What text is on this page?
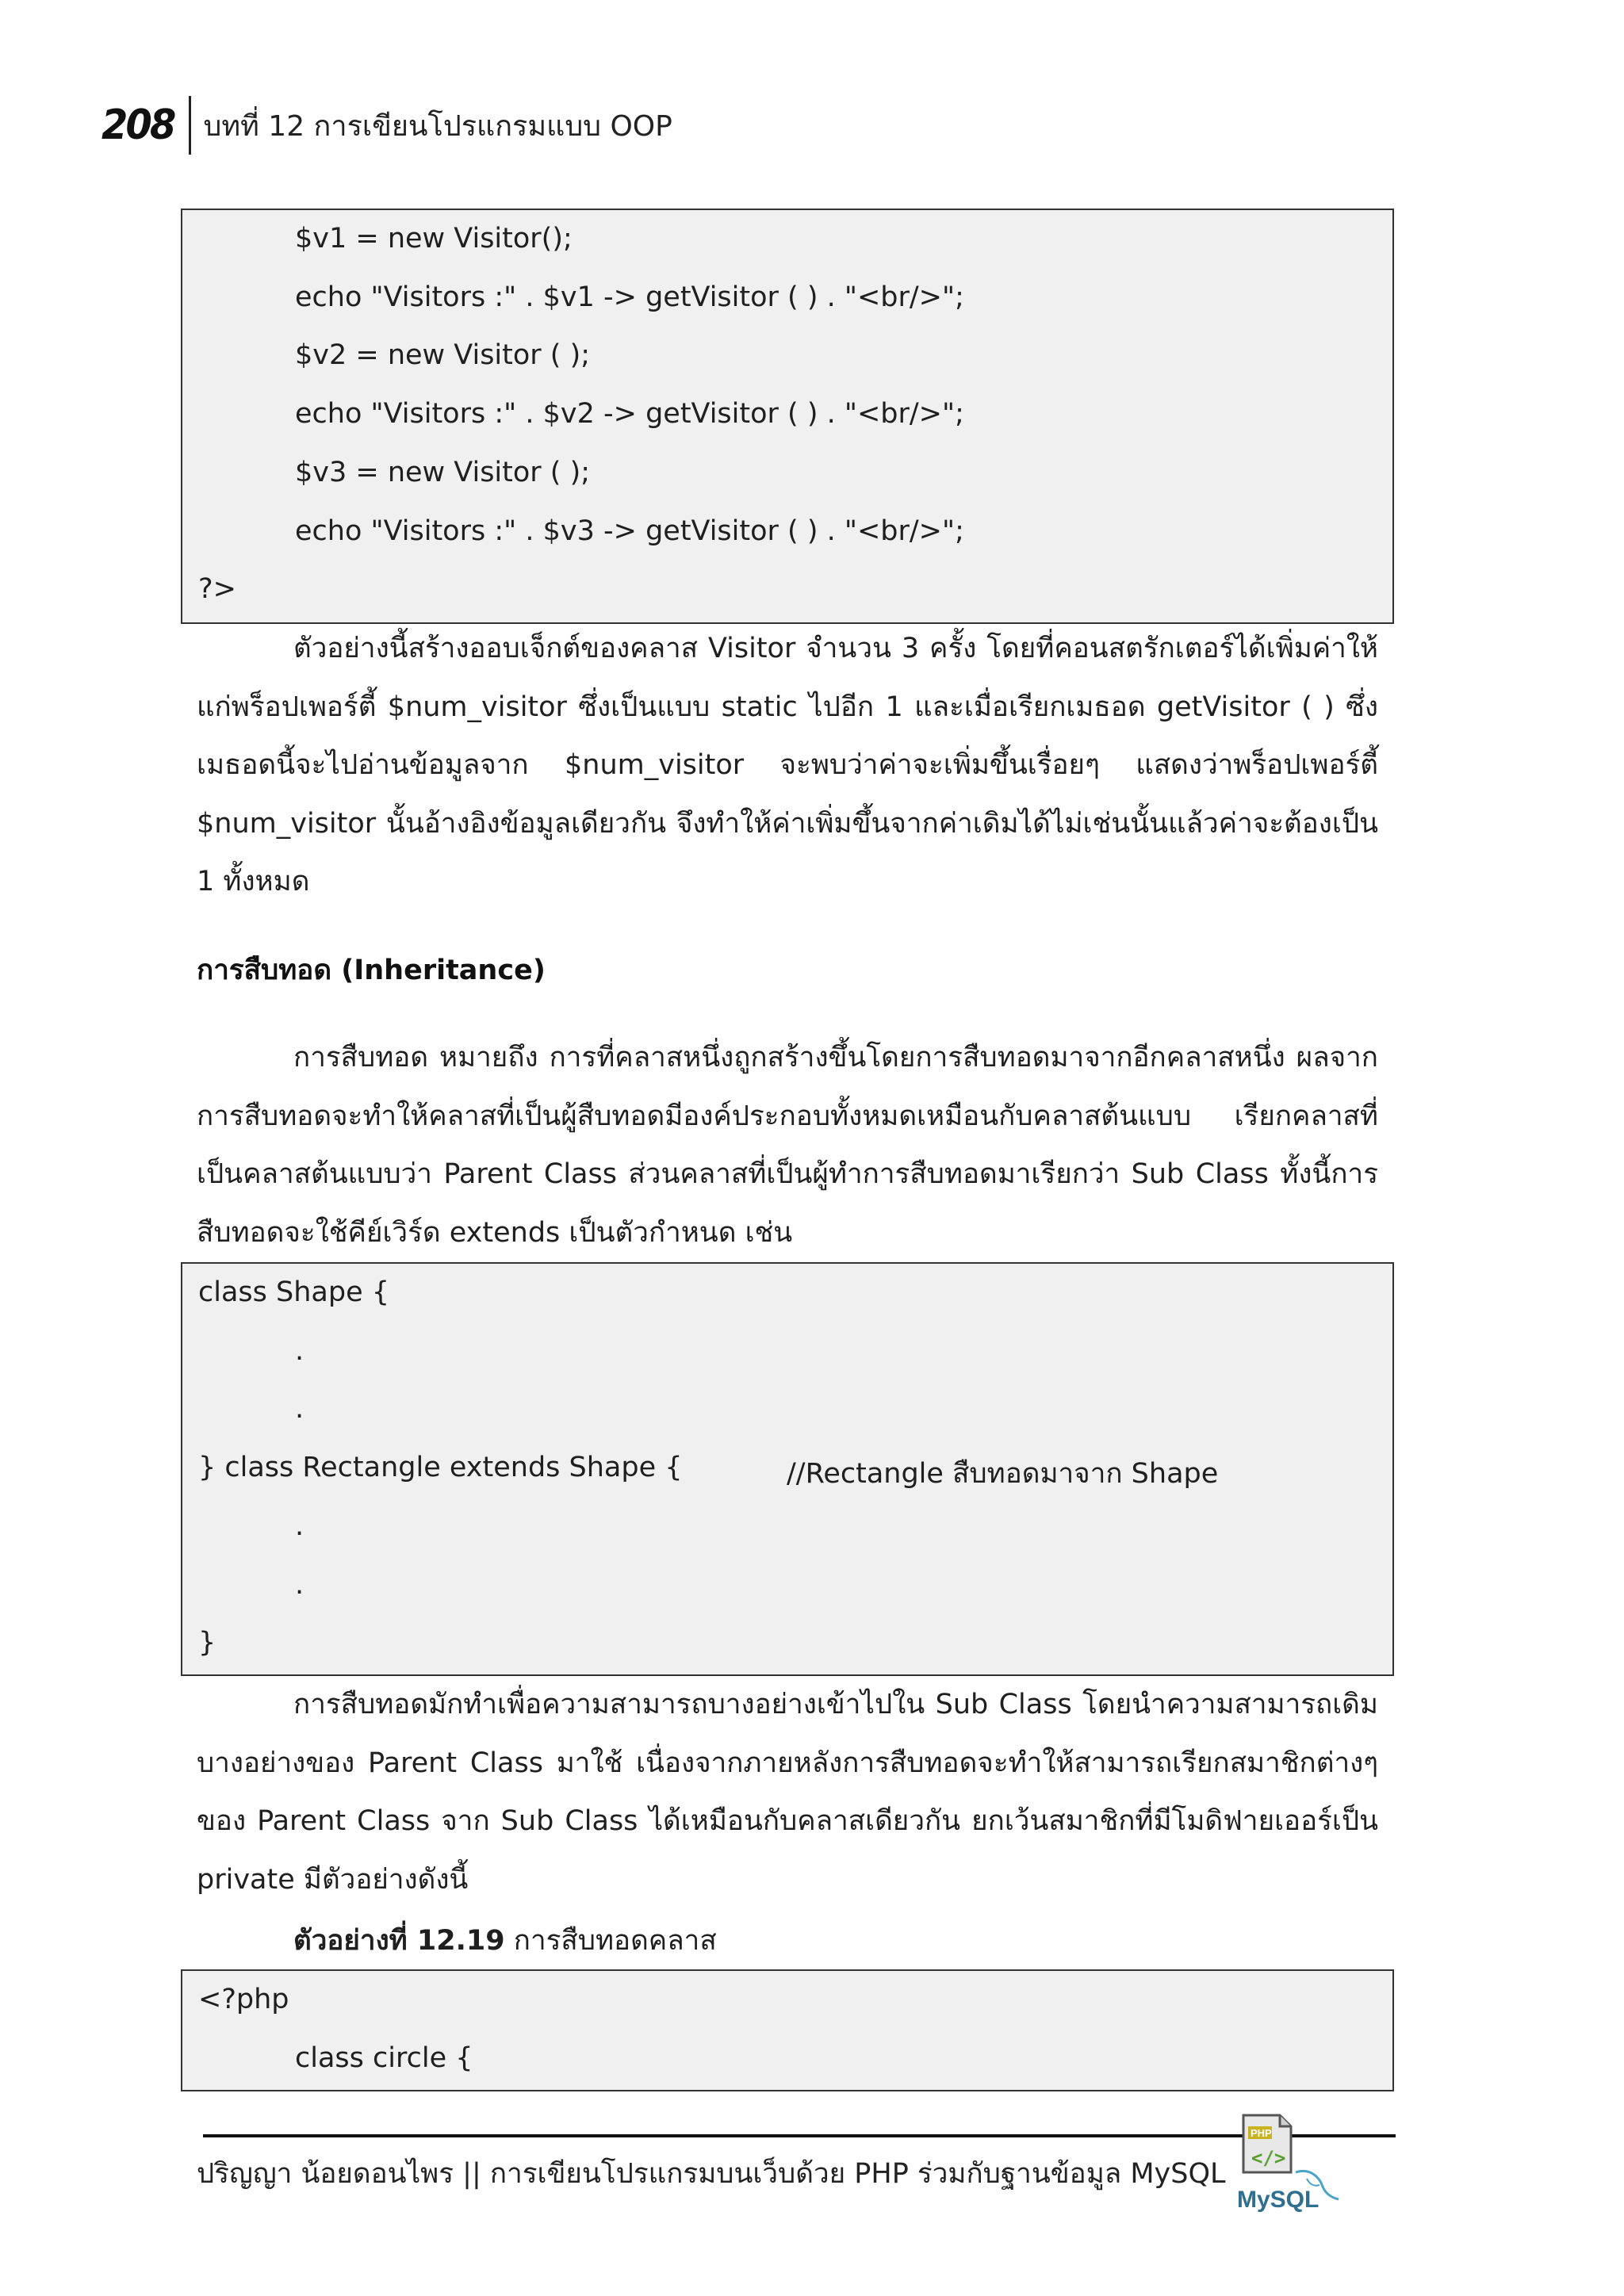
208 บทที่ 12 การเขียนโปรแกรมแบบ OOP
$v1 = new Visitor();
echo "Visitors :" . $v1 -> getVisitor ( ) . "<br/>";
$v2 = new Visitor ( );
echo "Visitors :" . $v2 -> getVisitor ( ) . "<br/>";
$v3 = new Visitor ( );
echo "Visitors :" . $v3 -> getVisitor ( ) . "<br/>";
?>
ตัวอย่างนี้สร้างออบเจ็กต์ของคลาส Visitor จำนวน 3 ครั้ง โดยที่คอนสตรักเตอร์ได้เพิ่มค่าให้แก่พร็อปเพอร์ตี้ $num_visitor ซึ่งเป็นแบบ static ไปอีก 1 และเมื่อเรียกเมธอด getVisitor ( ) ซึ่งเมธอดนี้จะไปอ่านข้อมูลจาก $num_visitor จะพบว่าค่าจะเพิ่มขึ้นเรื่อยๆ แสดงว่าพร็อปเพอร์ตี้ $num_visitor นั้นอ้างอิงข้อมูลเดียวกัน จึงทำให้ค่าเพิ่มขึ้นจากค่าเดิมได้ไม่เช่นนั้นแล้วค่าจะต้องเป็น 1 ทั้งหมด
การสืบทอด (Inheritance)
การสืบทอด หมายถึง การที่คลาสหนึ่งถูกสร้างขึ้นโดยการสืบทอดมาจากอีกคลาสหนึ่ง ผลจากการสืบทอดจะทำให้คลาสที่เป็นผู้สืบทอดมีองค์ประกอบทั้งหมดเหมือนกับคลาสต้นแบบ เรียกคลาสที่เป็นคลาสต้นแบบว่า Parent Class ส่วนคลาสที่เป็นผู้ทำการสืบทอดมาเรียกว่า Sub Class ทั้งนี้การสืบทอดจะใช้คีย์เวิร์ด extends เป็นตัวกำหนด เช่น
class Shape {
.
.
} class Rectangle extends Shape {	//Rectangle สืบทอดมาจาก Shape
.
.
}
การสืบทอดมักทำเพื่อความสามารถบางอย่างเข้าไปใน Sub Class โดยนำความสามารถเดิมบางอย่างของ Parent Class มาใช้ เนื่องจากภายหลังการสืบทอดจะทำให้สามารถเรียกสมาชิกต่างๆ ของ Parent Class จาก Sub Class ได้เหมือนกับคลาสเดียวกัน ยกเว้นสมาชิกที่มีโมดิฟายเออร์เป็น private มีตัวอย่างดังนี้
ตัวอย่างที่ 12.19 การสืบทอดคลาส
<?php
class circle {
ปริญญา น้อยดอนไพร || การเขียนโปรแกรมบนเว็บด้วย PHP ร่วมกับฐานข้อมูล MySQL
PHP
</>
MySQL
